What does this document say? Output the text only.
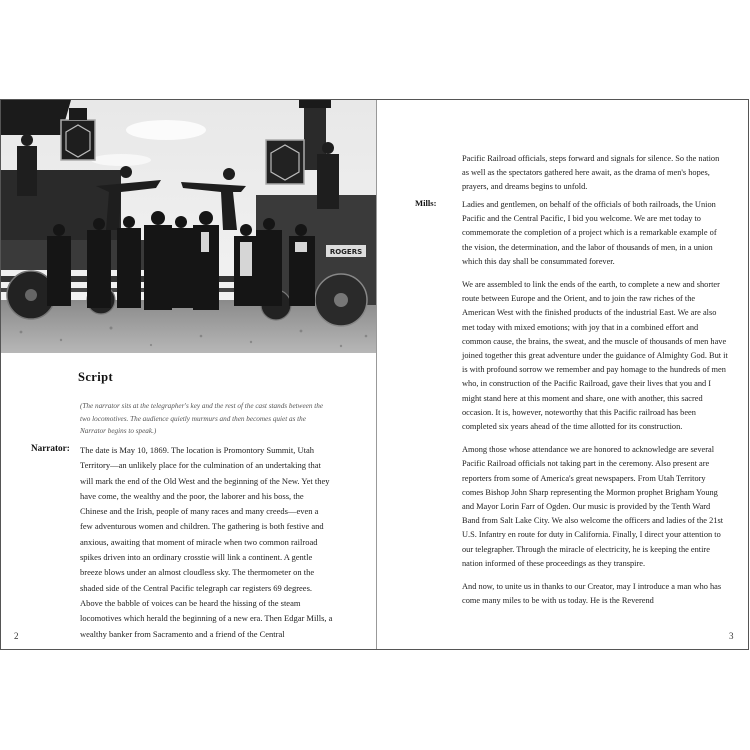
ROGERS
Script

(The narrator sits at the telegrapher's key and the rest of the cast stands between the two locomotives. The audience quietly murmurs and then becomes quiet as the Narrator begins to speak.)

Narrator: The date is May 10, 1869. The location is Promontory Summit, Utah Territory—an unlikely place for the culmination of an undertaking that will mark the end of the Old West and the beginning of the New. Yet they have come, the wealthy and the poor, the laborer and his boss, the Chinese and the Irish, people of many races and many creeds—even a few adventurous women and children. The gathering is both festive and anxious, awaiting that moment of miracle when two common railroad spikes driven into an ordinary crosstie will link a continent. A gentle breeze blows under an almost cloudless sky. The thermometer on the shaded side of the Central Pacific telegraph car registers 69 degrees. Above the babble of voices can be heard the hissing of the steam locomotives which herald the beginning of a new era. Then Edgar Mills, a wealthy banker from Sacramento and a friend of the Central

2

Pacific Railroad officials, steps forward and signals for silence. So the nation as well as the spectators gathered here await, as the drama of men's hopes, prayers, and dreams begins to unfold.

Mills:	Ladies and gentlemen, on behalf of the officials of both railroads, the Union Pacific and the Central Pacific, I bid you welcome. We are met today to commemorate the completion of a project which is a remarkable example of the vision, the determination, and the labor of thousands of men, in a union which this day shall be consummated forever.

We are assembled to link the ends of the earth, to complete a new and shorter route between Europe and the Orient, and to join the raw riches of the American West with the finished products of the industrial East. We are also met today with mixed emotions; with joy that in a combined effort and common cause, the brains, the sweat, and the muscle of thousands of men have joined together this great adventure under the guidance of Almighty God. But it is with profound sorrow we remember and pay homage to the hundreds of men who, in construction of the Pacific Railroad, gave their lives that you and I might stand here at this moment and share, one with another, this sacred occasion. It is, however, noteworthy that this Pacific railroad has been completed six years ahead of the time allotted for its construction.

Among those whose attendance we are honored to acknowledge are several Pacific Railroad officials not taking part in the ceremony. Also present are reporters from some of America's great newspapers. From Utah Territory comes Bishop John Sharp representing the Mormon prophet Brigham Young and Mayor Lorin Farr of Ogden. Our music is provided by the Tenth Ward Band from Salt Lake City. We also welcome the officers and ladies of the 21st U.S. Infantry en route for duty in California. Finally, I direct your attention to our telegrapher. Through the miracle of electricity, he is keeping the entire nation informed of these proceedings as they transpire.

And now, to unite us in thanks to our Creator, may I introduce a man who has come many miles to be with us today. He is the Reverend

3
